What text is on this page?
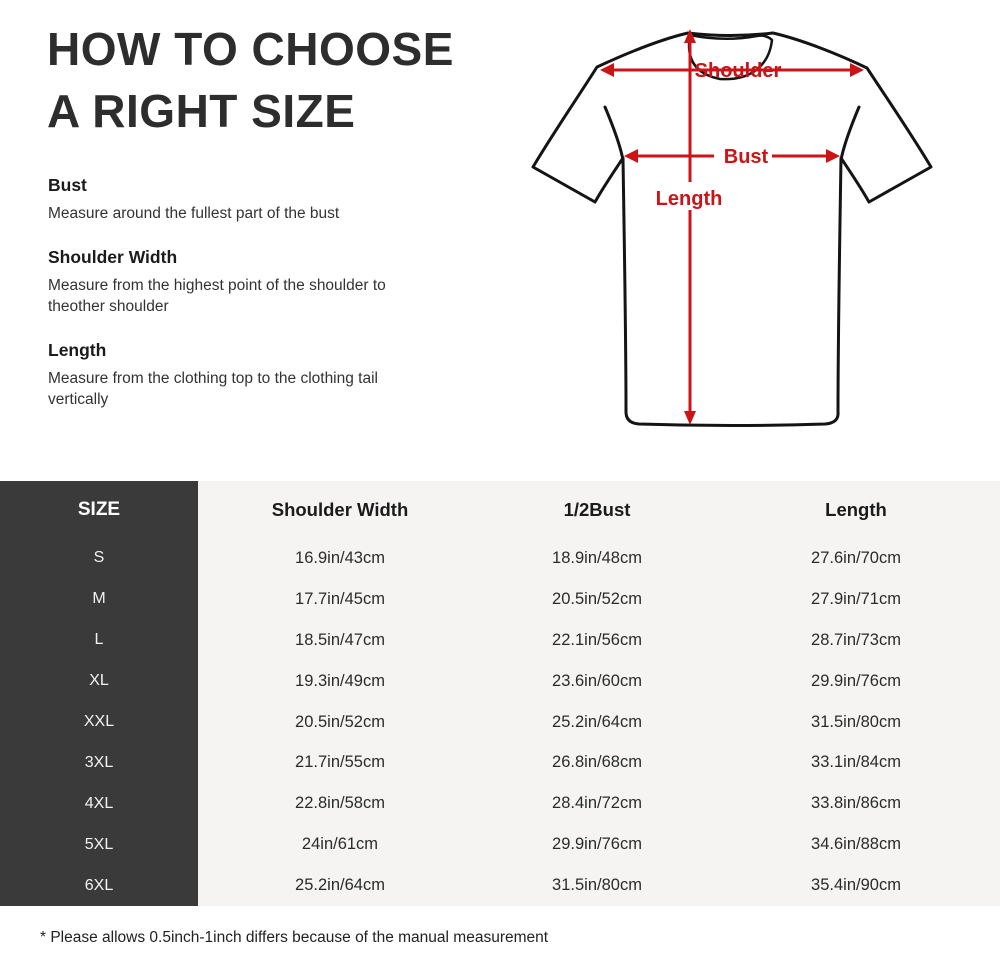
HOW TO CHOOSE
A RIGHT SIZE
Bust

Measure around the fullest part of the bust

Shoulder Width

Measure from the highest point of the shoulder to theother shoulder

Length

Measure from the clothing top to the clothing tail vertically

Shoulder
Bust
Length
SIZE	Shoulder Width	1/2Bust	Length
S	16.9in/43cm	18.9in/48cm	27.6in/70cm
M	17.7in/45cm	20.5in/52cm	27.9in/71cm
L	18.5in/47cm	22.1in/56cm	28.7in/73cm
XL	19.3in/49cm	23.6in/60cm	29.9in/76cm
XXL	20.5in/52cm	25.2in/64cm	31.5in/80cm
3XL	21.7in/55cm	26.8in/68cm	33.1in/84cm
4XL	22.8in/58cm	28.4in/72cm	33.8in/86cm
5XL	24in/61cm	29.9in/76cm	34.6in/88cm
6XL	25.2in/64cm	31.5in/80cm	35.4in/90cm

* Please allows 0.5inch-1inch differs because of the manual measurement
